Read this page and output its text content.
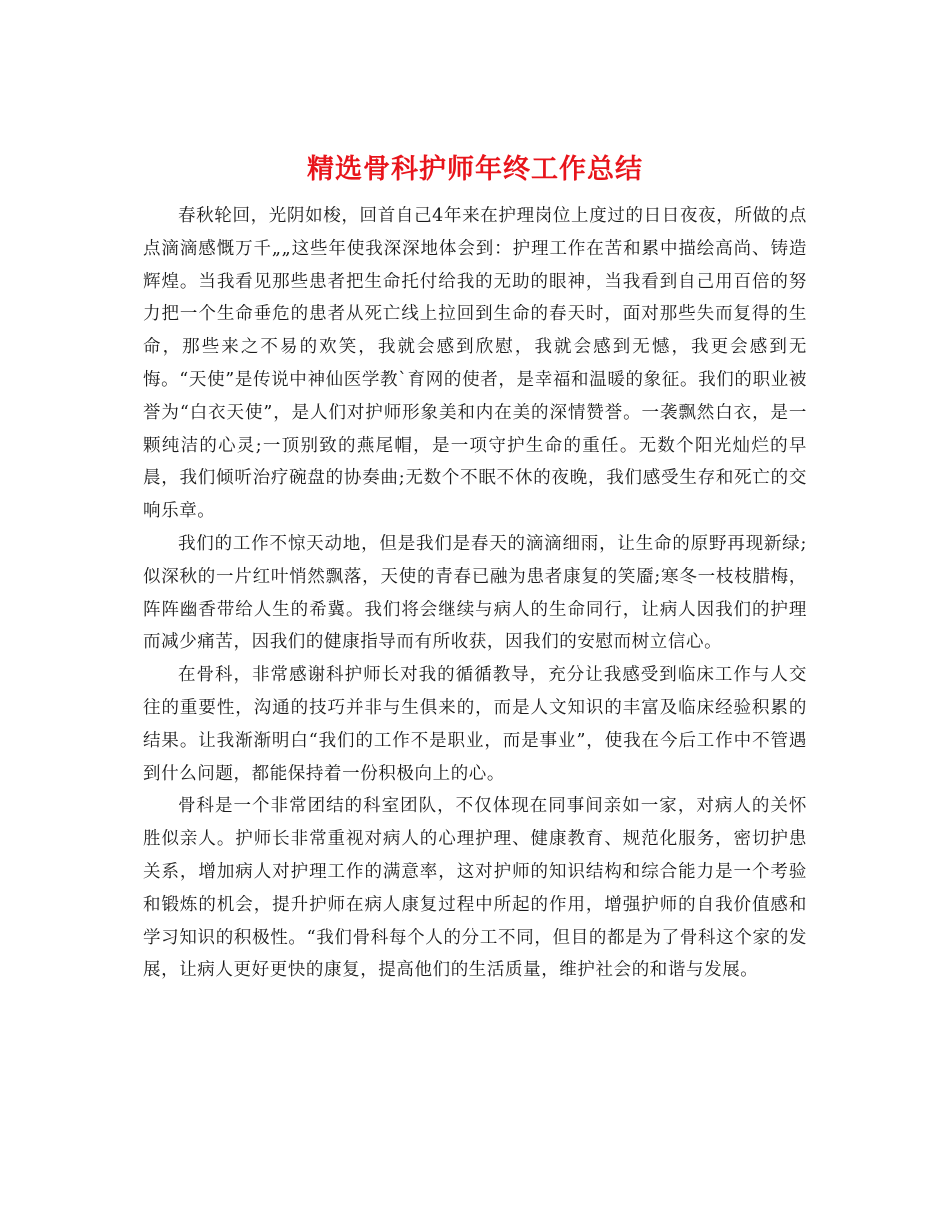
精选骨科护师年终工作总结

春秋轮回，光阴如梭，回首自己4年来在护理岗位上度过的日日夜夜，所做的点点滴滴感慨万千„„这些年使我深深地体会到：护理工作在苦和累中描绘高尚、铸造辉煌。当我看见那些患者把生命托付给我的无助的眼神，当我看到自己用百倍的努力把一个生命垂危的患者从死亡线上拉回到生命的春天时，面对那些失而复得的生命，那些来之不易的欢笑，我就会感到欣慰，我就会感到无憾，我更会感到无悔。“天使”是传说中神仙医学教`育网的使者，是幸福和温暖的象征。我们的职业被誉为“白衣天使”，是人们对护师形象美和内在美的深情赞誉。一袭飘然白衣，是一颗纯洁的心灵;一顶别致的燕尾帽，是一项守护生命的重任。无数个阳光灿烂的早晨，我们倾听治疗碗盘的协奏曲;无数个不眠不休的夜晚，我们感受生存和死亡的交响乐章。

我们的工作不惊天动地，但是我们是春天的滴滴细雨，让生命的原野再现新绿;似深秋的一片红叶悄然飘落，天使的青春已融为患者康复的笑靥;寒冬一枝枝腊梅，阵阵幽香带给人生的希冀。我们将会继续与病人的生命同行，让病人因我们的护理而减少痛苦，因我们的健康指导而有所收获，因我们的安慰而树立信心。

在骨科，非常感谢科护师长对我的循循教导，充分让我感受到临床工作与人交往的重要性，沟通的技巧并非与生俱来的，而是人文知识的丰富及临床经验积累的结果。让我渐渐明白“我们的工作不是职业，而是事业”，使我在今后工作中不管遇到什么问题，都能保持着一份积极向上的心。

骨科是一个非常团结的科室团队，不仅体现在同事间亲如一家，对病人的关怀胜似亲人。护师长非常重视对病人的心理护理、健康教育、规范化服务，密切护患关系，增加病人对护理工作的满意率，这对护师的知识结构和综合能力是一个考验和锻炼的机会，提升护师在病人康复过程中所起的作用，增强护师的自我价值感和学习知识的积极性。“我们骨科每个人的分工不同，但目的都是为了骨科这个家的发展，让病人更好更快的康复，提高他们的生活质量，维护社会的和谐与发展。
